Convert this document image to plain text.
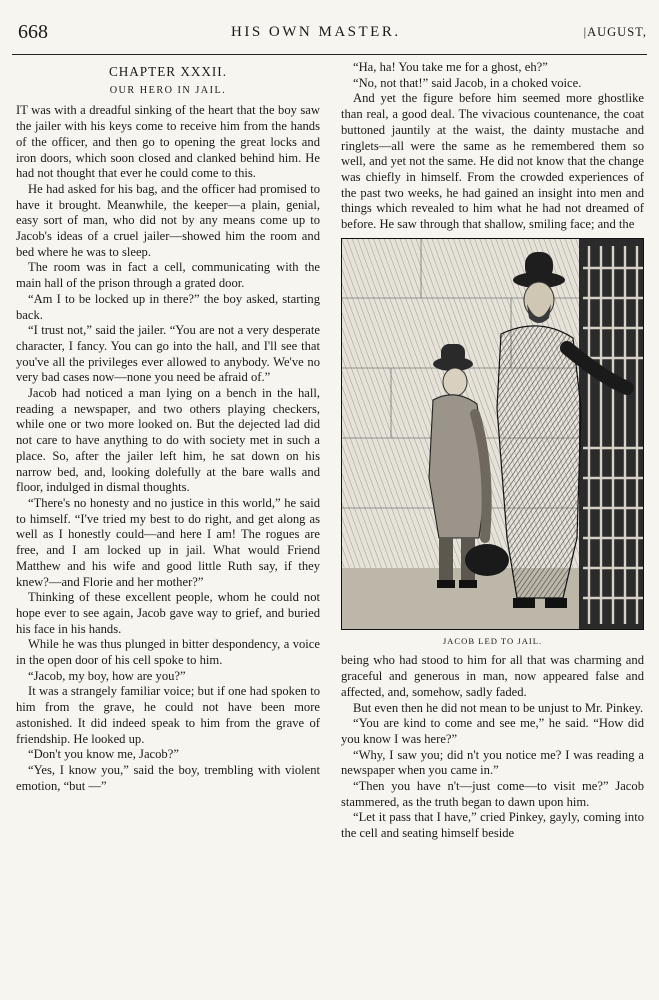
668	HIS OWN MASTER.	|AUGUST,
CHAPTER XXXII.
OUR HERO IN JAIL.

IT was with a dreadful sinking of the heart that the boy saw the jailer with his keys come to receive him from the hands of the officer, and then go to opening the great locks and iron doors, which soon closed and clanked behind him. He had not thought that ever he could come to this.

He had asked for his bag, and the officer had promised to have it brought. Meanwhile, the keeper—a plain, genial, easy sort of man, who did not by any means come up to Jacob's ideas of a cruel jailer—showed him the room and bed where he was to sleep.

The room was in fact a cell, communicating with the main hall of the prison through a grated door.

“Am I to be locked up in there?” the boy asked, starting back.

“I trust not,” said the jailer. “You are not a very desperate character, I fancy. You can go into the hall, and I'll see that you've all the privileges ever allowed to anybody. We've no very bad cases now—none you need be afraid of.”

Jacob had noticed a man lying on a bench in the hall, reading a newspaper, and two others playing checkers, while one or two more looked on. But the dejected lad did not care to have anything to do with society met in such a place. So, after the jailer left him, he sat down on his narrow bed, and, looking dolefully at the bare walls and floor, indulged in dismal thoughts.

“There's no honesty and no justice in this world,” he said to himself. “I've tried my best to do right, and get along as well as I honestly could—and here I am! The rogues are free, and I am locked up in jail. What would Friend Matthew and his wife and good little Ruth say, if they knew?—and Florie and her mother?”

Thinking of these excellent people, whom he could not hope ever to see again, Jacob gave way to grief, and buried his face in his hands.

While he was thus plunged in bitter despondency, a voice in the open door of his cell spoke to him.

“Jacob, my boy, how are you?”

It was a strangely familiar voice; but if one had spoken to him from the grave, he could not have been more astonished. It did indeed speak to him from the grave of friendship. He looked up.

“Don't you know me, Jacob?”

“Yes, I know you,” said the boy, trembling with violent emotion, “but —”

“Ha, ha! You take me for a ghost, eh?”

“No, not that!” said Jacob, in a choked voice.

And yet the figure before him seemed more ghostlike than real, a good deal. The vivacious countenance, the coat buttoned jauntily at the waist, the dainty mustache and ringlets—all were the same as he remembered them so well, and yet not the same. He did not know that the change was chiefly in himself. From the crowded experiences of the past two weeks, he had gained an insight into men and things which revealed to him what he had not dreamed of before. He saw through that shallow, smiling face; and the

JACOB LED TO JAIL.

being who had stood to him for all that was charming and graceful and generous in man, now appeared false and affected, and, somehow, sadly faded.

But even then he did not mean to be unjust to Mr. Pinkey.

“You are kind to come and see me,” he said. “How did you know I was here?”

“Why, I saw you; did n't you notice me? I was reading a newspaper when you came in.”

“Then you have n't—just come—to visit me?” Jacob stammered, as the truth began to dawn upon him.

“Let it pass that I have,” cried Pinkey, gayly, coming into the cell and seating himself beside
